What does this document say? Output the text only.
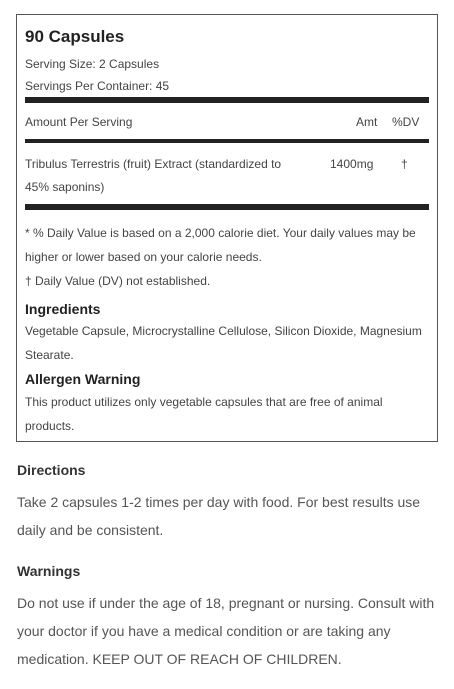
90 Capsules
Serving Size: 2 Capsules
Servings Per Container: 45
Amount Per Serving	Amt %DV
Tribulus Terrestris (fruit) Extract (standardized to 45% saponins)
1400mg †
* % Daily Value is based on a 2,000 calorie diet. Your daily values may be higher or lower based on your calorie needs.
† Daily Value (DV) not established.
Ingredients
Vegetable Capsule, Microcrystalline Cellulose, Silicon Dioxide, Magnesium Stearate.
Allergen Warning
This product utilizes only vegetable capsules that are free of animal products.
Directions
Take 2 capsules 1-2 times per day with food. For best results use daily and be consistent.
Warnings
Do not use if under the age of 18, pregnant or nursing. Consult with your doctor if you have a medical condition or are taking any medication. KEEP OUT OF REACH OF CHILDREN.
